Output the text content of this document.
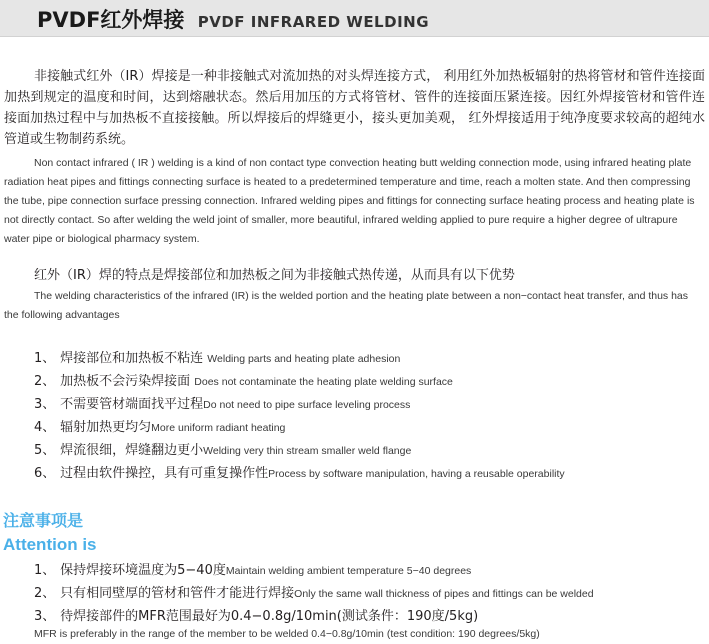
PVDF红外焊接 PVDF INFRARED WELDING

非接触式红外（IR）焊接是一种非接触式对流加热的对头焊连接方式， 利用红外加热板辐射的热将管材和管件连接面加热到规定的温度和时间，达到熔融状态。然后用加压的方式将管材、管件的连接面压紧连接。因红外焊接管材和管件连接面加热过程中与加热板不直接接触。所以焊接后的焊缝更小，接头更加美观， 红外焊接适用于纯净度要求较高的超纯水管道或生物制药系统。

Non contact infrared ( IR ) welding is a kind of non contact type convection heating butt welding connection mode, using infrared heating plate radiation heat pipes and fittings connecting surface is heated to a predetermined temperature and time, reach a molten state. And then compressing the tube, pipe connection surface pressing connection. Infrared welding pipes and fittings for connecting surface heating process and heating plate is not directly contact. So after welding the weld joint of smaller, more beautiful, infrared welding applied to pure require a higher degree of ultrapure water pipe or biological pharmacy system.

红外（IR）焊的特点是焊接部位和加热板之间为非接触式热传递，从而具有以下优势

The welding characteristics of the infrared (IR) is the welded portion and the heating plate between a non−contact heat transfer, and thus has the following advantages

1、 焊接部位和加热板不粘连 Welding parts and heating plate adhesion
2、 加热板不会污染焊接面 Does not contaminate the heating plate welding surface
3、 不需要管材端面找平过程Do not need to pipe surface leveling process
4、 辐射加热更均匀More uniform radiant heating
5、 焊流很细，焊缝翻边更小Welding very thin stream smaller weld flange
6、 过程由软件操控，具有可重复操作性Process by software manipulation, having a reusable operability
注意事项是
Attention is
1、 保持焊接环境温度为5−40度Maintain welding ambient temperature 5−40 degrees
2、 只有相同壁厚的管材和管件才能进行焊接Only the same wall thickness of pipes and fittings can be welded
3、 待焊接部件的MFR范围最好为0.4−0.8g/10min(测试条件：190度/5kg)
MFR is preferably in the range of the member to be welded 0.4−0.8g/10min (test condition: 190 degrees/5kg)
